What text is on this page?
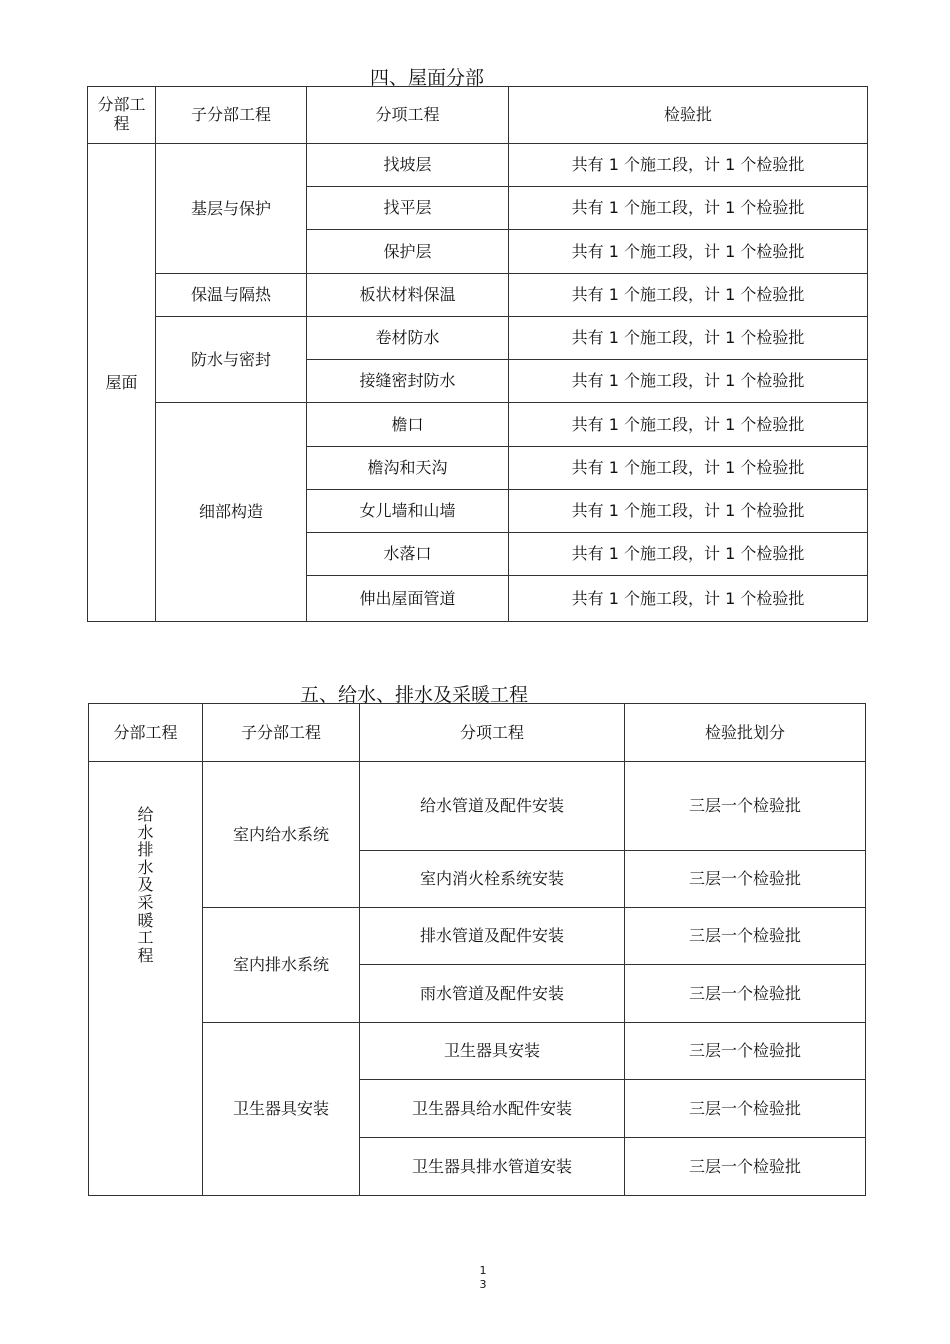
四、屋面分部
分部工程	子分部工程	分项工程	检验批
屋面	基层与保护	找坡层	共有 1 个施工段，计 1 个检验批
		找平层	共有 1 个施工段，计 1 个检验批
		保护层	共有 1 个施工段，计 1 个检验批
	保温与隔热	板状材料保温	共有 1 个施工段，计 1 个检验批
	防水与密封	卷材防水	共有 1 个施工段，计 1 个检验批
		接缝密封防水	共有 1 个施工段，计 1 个检验批
	细部构造	檐口	共有 1 个施工段，计 1 个检验批
		檐沟和天沟	共有 1 个施工段，计 1 个检验批
		女儿墙和山墙	共有 1 个施工段，计 1 个检验批
		水落口	共有 1 个施工段，计 1 个检验批
		伸出屋面管道	共有 1 个施工段，计 1 个检验批
五、给水、排水及采暖工程
分部工程	子分部工程	分项工程	检验批划分
给水排水及采暖工程	室内给水系统	给水管道及配件安装	三层一个检验批
		室内消火栓系统安装	三层一个检验批
	室内排水系统	排水管道及配件安装	三层一个检验批
		雨水管道及配件安装	三层一个检验批
	卫生器具安装	卫生器具安装	三层一个检验批
		卫生器具给水配件安装	三层一个检验批
		卫生器具排水管道安装	三层一个检验批
1
3
